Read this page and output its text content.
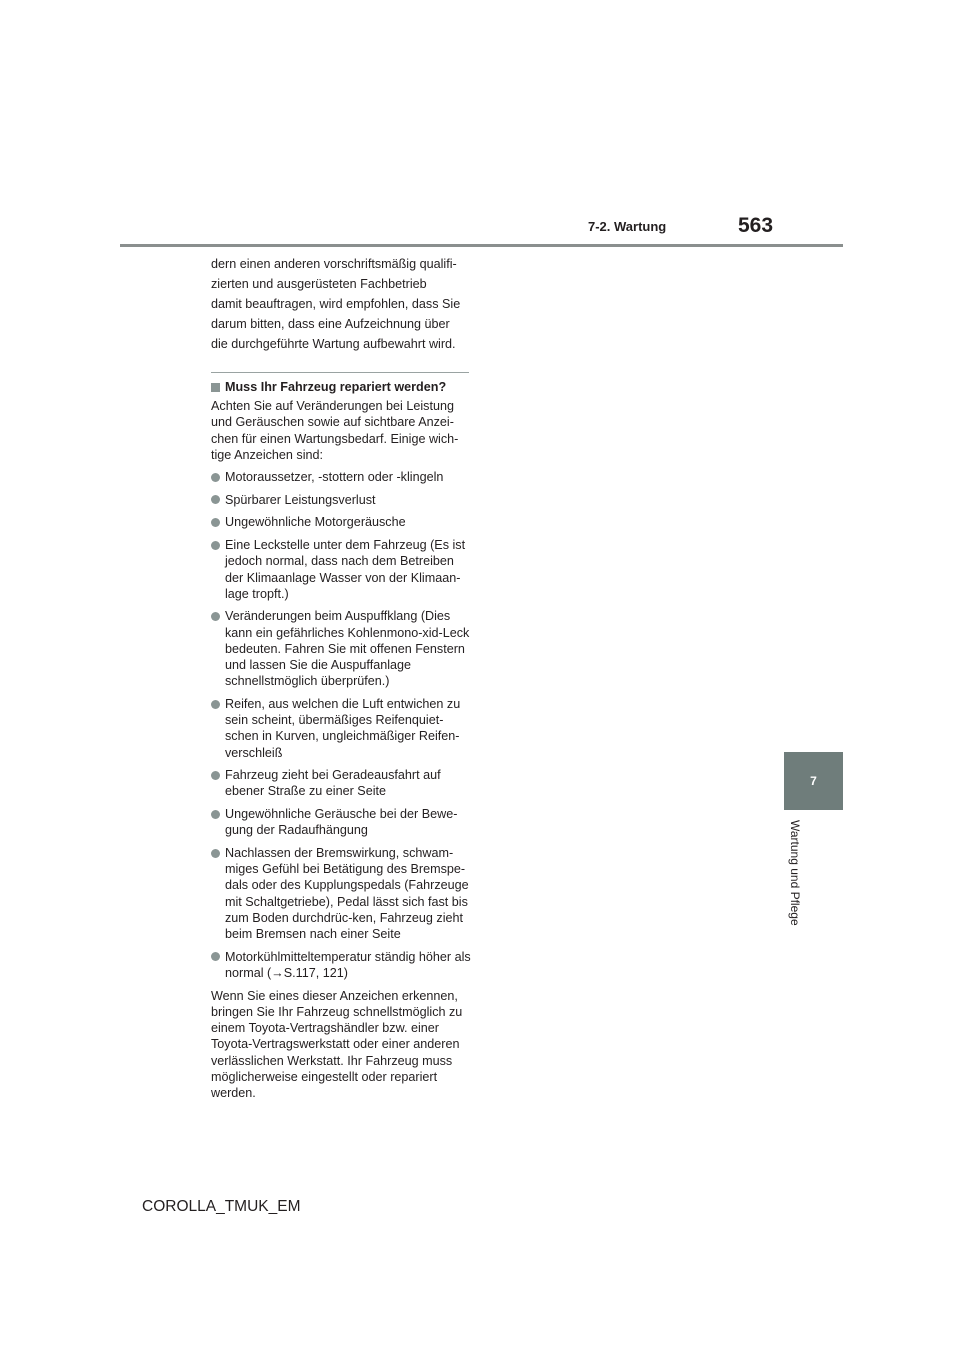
7-2. Wartung	563
7
Wartung und Pflege

dern einen anderen vorschriftsmäßig qualifi-

zierten und ausgerüsteten Fachbetrieb

damit beauftragen, wird empfohlen, dass Sie

darum bitten, dass eine Aufzeichnung über

die durchgeführte Wartung aufbewahrt wird.

Muss Ihr Fahrzeug repariert werden?

Achten Sie auf Veränderungen bei Leistung und Geräuschen sowie auf sichtbare Anzei-chen für einen Wartungsbedarf. Einige wich-tige Anzeichen sind:

Motoraussetzer, -stottern oder -klingeln
Spürbarer Leistungsverlust
Ungewöhnliche Motorgeräusche
Eine Leckstelle unter dem Fahrzeug (Es ist jedoch normal, dass nach dem Betreiben der Klimaanlage Wasser von der Klimaan-lage tropft.)
Veränderungen beim Auspuffklang (Dies kann ein gefährliches Kohlenmono-xid-Leck bedeuten. Fahren Sie mit offenen Fenstern und lassen Sie die Auspuffanlage schnellstmöglich überprüfen.)
Reifen, aus welchen die Luft entwichen zu sein scheint, übermäßiges Reifenquiet-schen in Kurven, ungleichmäßiger Reifen-verschleiß
Fahrzeug zieht bei Geradeausfahrt auf ebener Straße zu einer Seite
Ungewöhnliche Geräusche bei der Bewe-gung der Radaufhängung
Nachlassen der Bremswirkung, schwam-miges Gefühl bei Betätigung des Bremspe-dals oder des Kupplungspedals (Fahrzeuge mit Schaltgetriebe), Pedal lässt sich fast bis zum Boden durchdrüc-ken, Fahrzeug zieht beim Bremsen nach einer Seite
Motorkühlmitteltemperatur ständig höher als normal (→S.117, 121)

Wenn Sie eines dieser Anzeichen erkennen, bringen Sie Ihr Fahrzeug schnellstmöglich zu einem Toyota-Vertragshändler bzw. einer Toyota-Vertragswerkstatt oder einer anderen verlässlichen Werkstatt. Ihr Fahrzeug muss möglicherweise eingestellt oder repariert werden.

COROLLA_TMUK_EM
